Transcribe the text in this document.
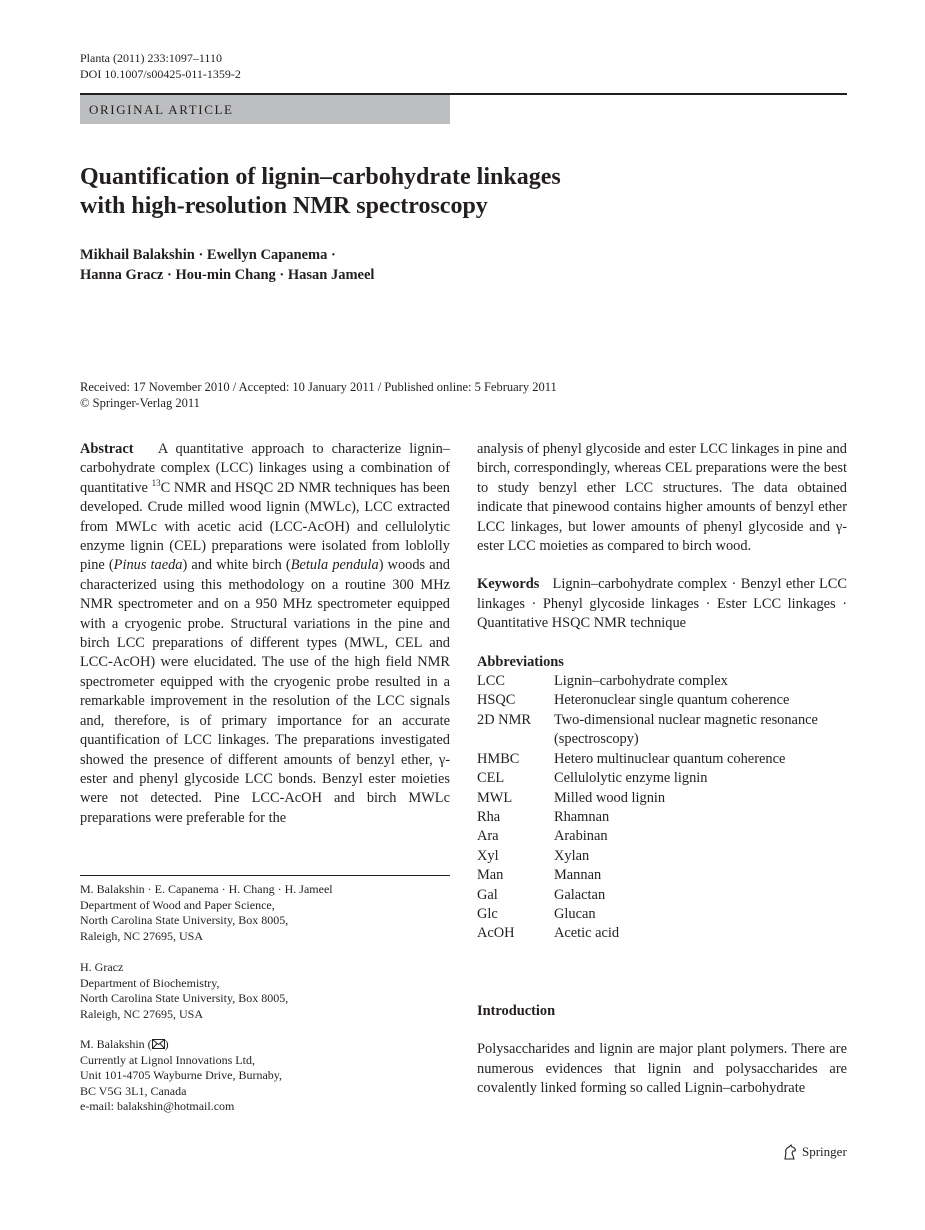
Planta (2011) 233:1097–1110
DOI 10.1007/s00425-011-1359-2
ORIGINAL ARTICLE
Quantification of lignin–carbohydrate linkages
with high-resolution NMR spectroscopy
Mikhail Balakshin · Ewellyn Capanema ·
Hanna Gracz · Hou-min Chang · Hasan Jameel
Received: 17 November 2010 / Accepted: 10 January 2011 / Published online: 5 February 2011
© Springer-Verlag 2011
Abstract A quantitative approach to characterize lignin–carbohydrate complex (LCC) linkages using a combination of quantitative $^{13}$C NMR and HSQC 2D NMR techniques has been developed. Crude milled wood lignin (MWLc), LCC extracted from MWLc with acetic acid (LCC-AcOH) and cellulolytic enzyme lignin (CEL) preparations were isolated from loblolly pine (Pinus taeda) and white birch (Betula pendula) woods and characterized using this methodology on a routine 300 MHz NMR spectrometer and on a 950 MHz spectrometer equipped with a cryogenic probe. Structural variations in the pine and birch LCC preparations of different types (MWL, CEL and LCC-AcOH) were elucidated. The use of the high field NMR spectrometer equipped with the cryogenic probe resulted in a remarkable improvement in the resolution of the LCC signals and, therefore, is of primary importance for an accurate quantification of LCC linkages. The preparations investigated showed the presence of different amounts of benzyl ether, γ-ester and phenyl glycoside LCC bonds. Benzyl ester moieties were not detected. Pine LCC-AcOH and birch MWLc preparations were preferable for the
M. Balakshin · E. Capanema · H. Chang · H. Jameel
Department of Wood and Paper Science,
North Carolina State University, Box 8005,
Raleigh, NC 27695, USA
H. Gracz
Department of Biochemistry,
North Carolina State University, Box 8005,
Raleigh, NC 27695, USA
M. Balakshin ( )
Currently at Lignol Innovations Ltd,
Unit 101-4705 Wayburne Drive, Burnaby,
BC V5G 3L1, Canada
e-mail: balakshin@hotmail.com
analysis of phenyl glycoside and ester LCC linkages in pine and birch, correspondingly, whereas CEL preparations were the best to study benzyl ether LCC structures. The data obtained indicate that pinewood contains higher amounts of benzyl ether LCC linkages, but lower amounts of phenyl glycoside and γ-ester LCC moieties as compared to birch wood.
Keywords Lignin–carbohydrate complex · Benzyl ether LCC linkages · Phenyl glycoside linkages · Ester LCC linkages · Quantitative HSQC NMR technique
Abbreviations
LCC	Lignin–carbohydrate complex
HSQC	Heteronuclear single quantum coherence
2D NMR	Two-dimensional nuclear magnetic resonance (spectroscopy)
HMBC	Hetero multinuclear quantum coherence
CEL	Cellulolytic enzyme lignin
MWL	Milled wood lignin
Rha	Rhamnan
Ara	Arabinan
Xyl	Xylan
Man	Mannan
Gal	Galactan
Glc	Glucan
AcOH	Acetic acid
Introduction
Polysaccharides and lignin are major plant polymers. There are numerous evidences that lignin and polysaccharides are covalently linked forming so called Lignin–carbohydrate
Springer
